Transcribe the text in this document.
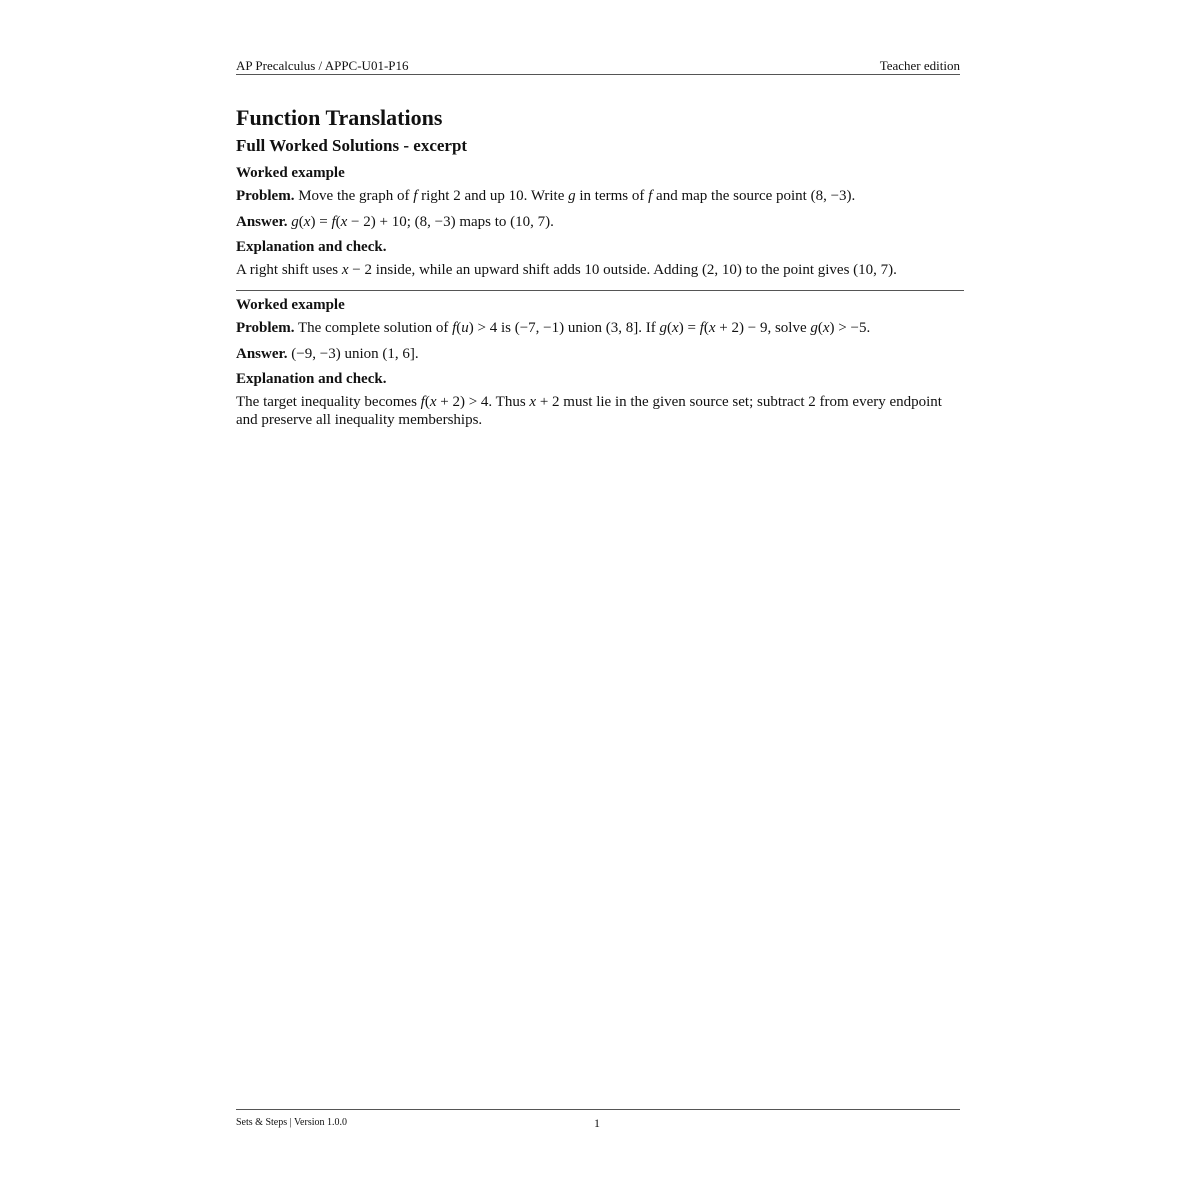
AP Precalculus / APPC-U01-P16	Teacher edition
Function Translations
Full Worked Solutions - excerpt
Worked example

Problem. Move the graph of f right 2 and up 10. Write g in terms of f and map the source point (8, −3).

Answer. g(x) = f(x − 2) + 10; (8, −3) maps to (10, 7).

Explanation and check.

A right shift uses x − 2 inside, while an upward shift adds 10 outside. Adding (2, 10) to the point gives (10, 7).

Worked example

Problem. The complete solution of f(u) > 4 is (−7, −1) union (3, 8]. If g(x) = f(x + 2) − 9, solve g(x) > −5.

Answer. (−9, −3) union (1, 6].

Explanation and check.

The target inequality becomes f(x + 2) > 4. Thus x + 2 must lie in the given source set; subtract 2 from every endpoint and preserve all inequality memberships.

Sets & Steps | Version 1.0.0	1
